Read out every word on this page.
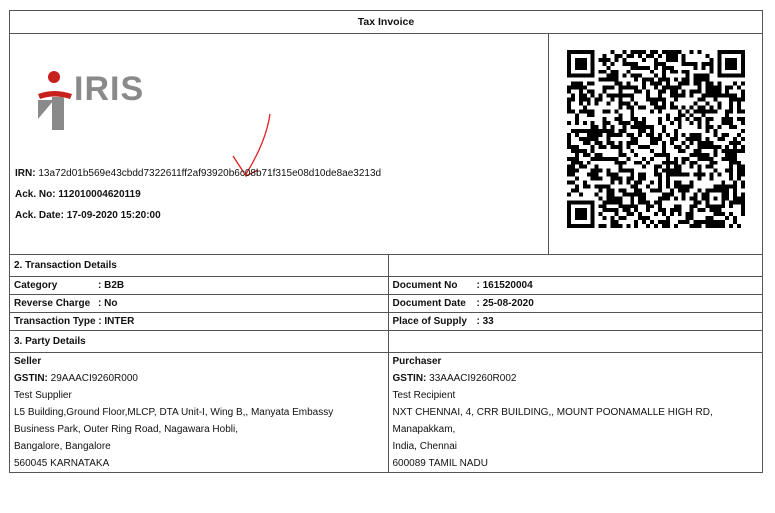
Tax Invoice
IRIS
IRN: 13a72d01b569e43cbdd7322611ff2af93920b6c08b71f315e08d10de8ae3213d
Ack. No: 112010004620119
Ack. Date: 17-09-2020 15:20:00
2. Transaction Details	
Category : B2B	Document No : 161520004
Reverse Charge : No	Document Date : 25-08-2020
Transaction Type : INTER	Place of Supply : 33
3. Party Details	
Seller	Purchaser
GSTIN: 29AAACI9260R000	GSTIN: 33AAACI9260R002
Test Supplier	Test Recipient
L5 Building,Ground Floor,MLCP, DTA Unit-I, Wing B,, Manyata Embassy	NXT CHENNAI, 4, CRR BUILDING,, MOUNT POONAMALLE HIGH RD,
Business Park, Outer Ring Road, Nagawara Hobli,	Manapakkam,
Bangalore, Bangalore	India, Chennai
560045 KARNATAKA	600089 TAMIL NADU
